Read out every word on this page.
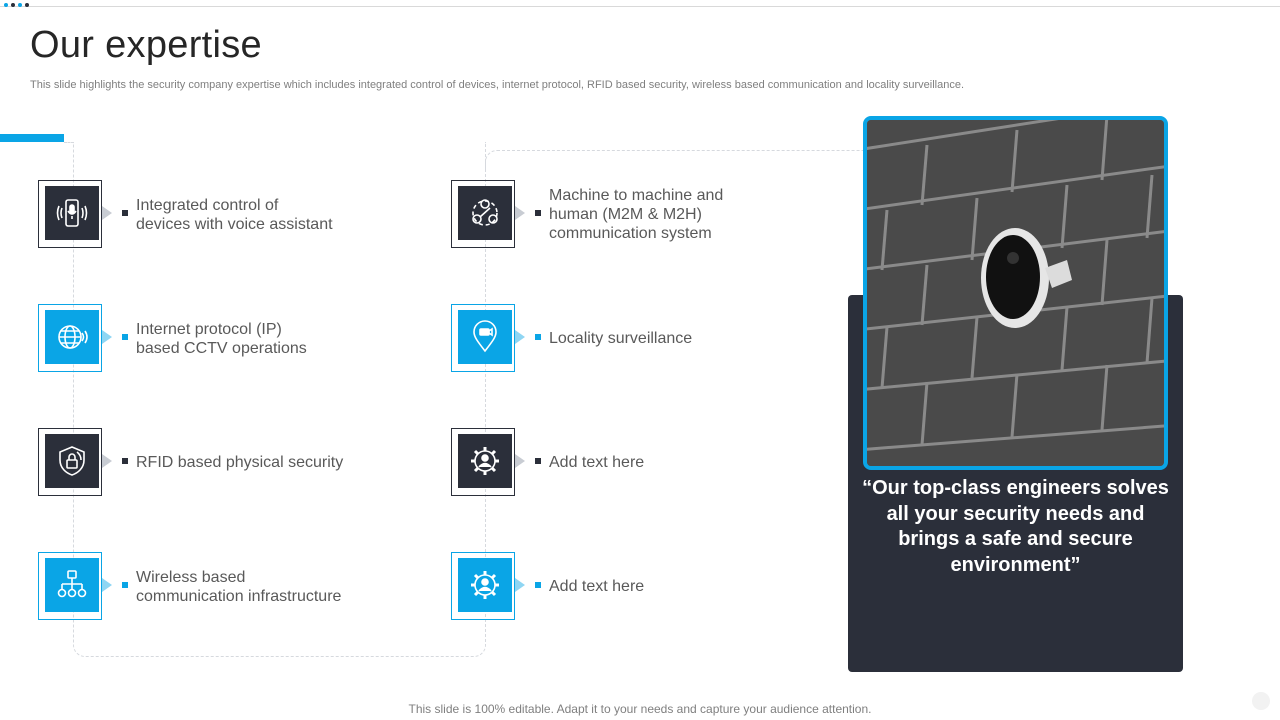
Our expertise

This slide highlights the security company expertise which includes integrated control of devices, internet protocol, RFID based security, wireless based communication and locality surveillance.

Integrated control of
devices with voice assistant
Internet protocol (IP)
based CCTV operations
RFID based physical security
Wireless based
communication infrastructure
Machine to machine and
human (M2M & M2H)
communication system
Locality surveillance
Add text here
Add text here
“Our top-class engineers solves all your security needs and brings a safe and secure environment”
This slide is 100% editable. Adapt it to your needs and capture your audience attention.
